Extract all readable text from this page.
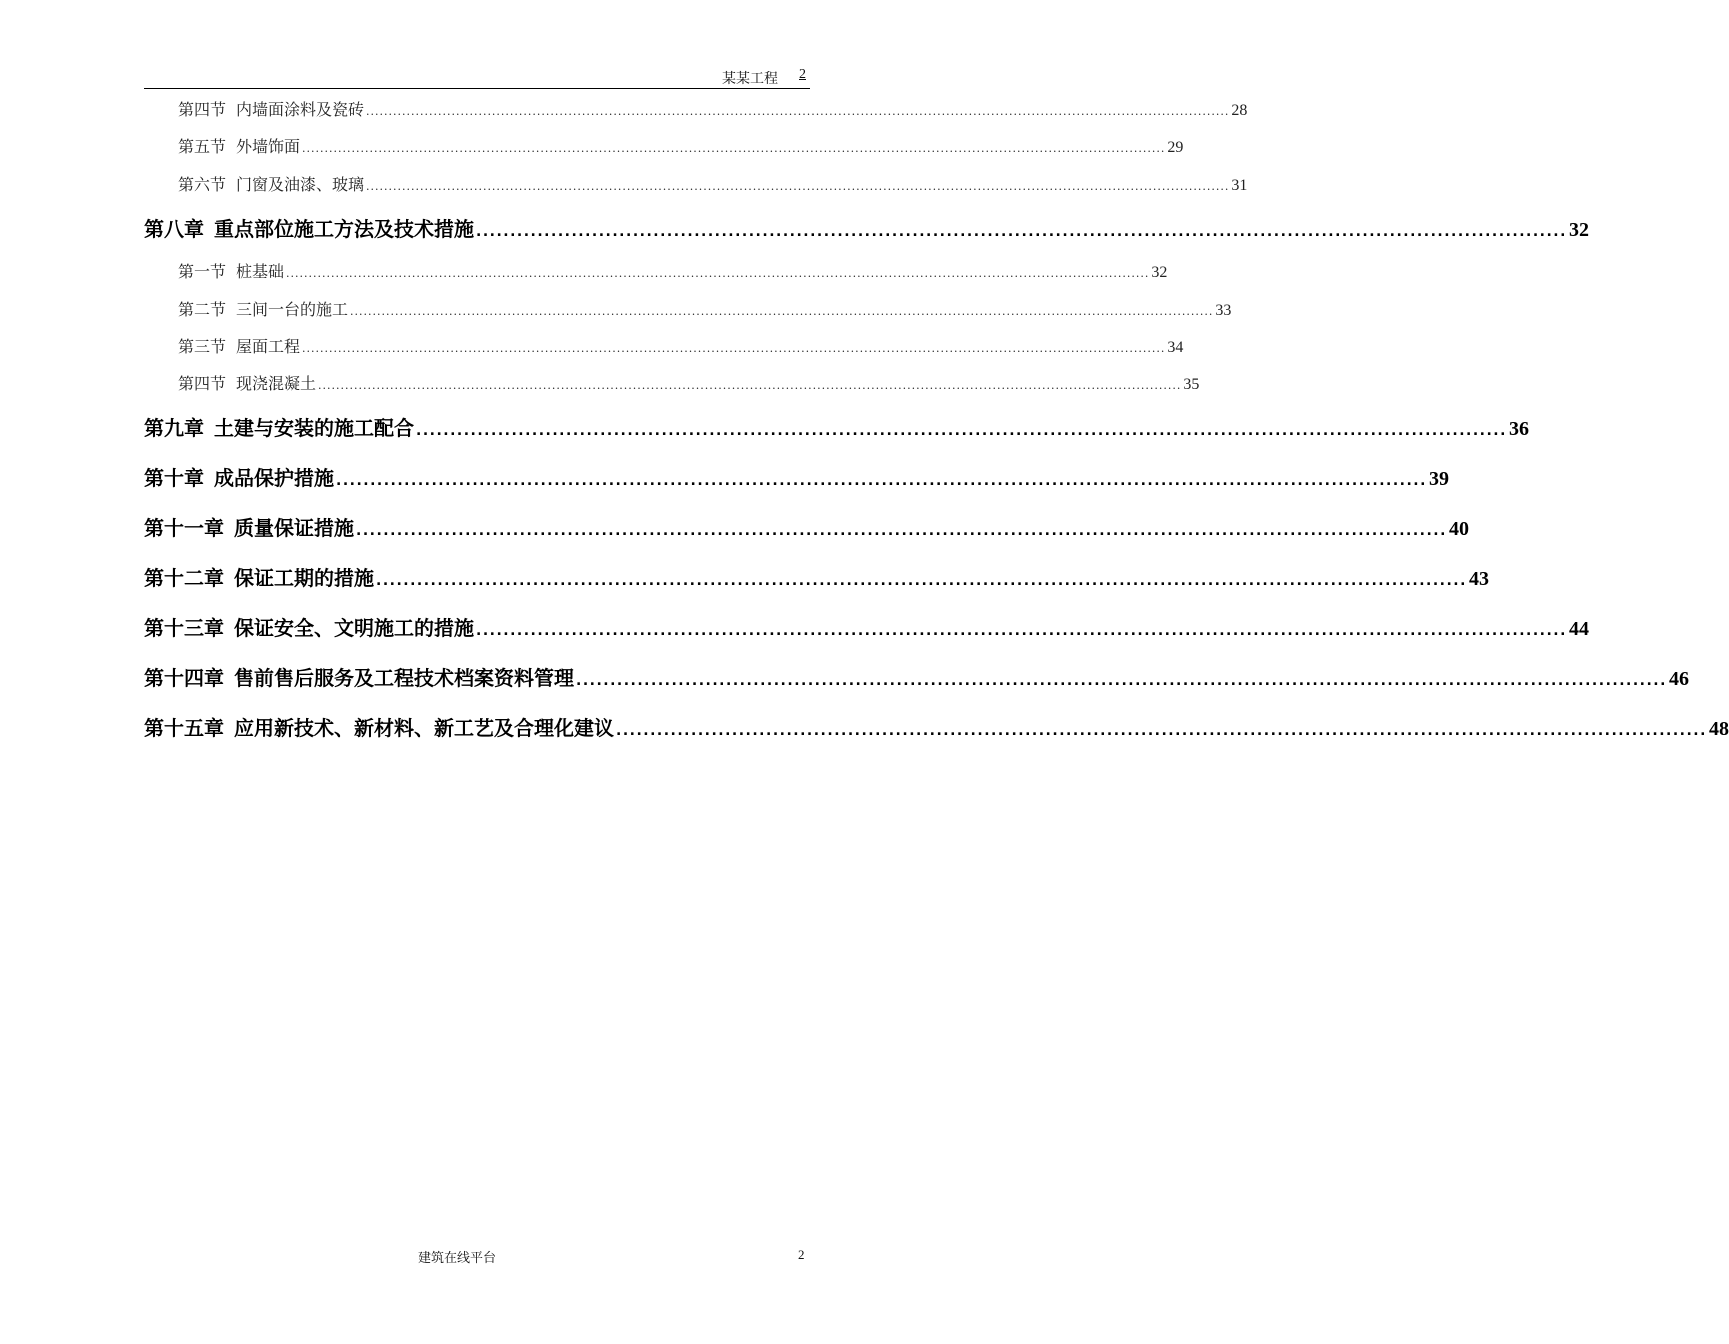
某某工程 2
第四节 内墙面涂料及瓷砖 ................................................................................................................................................................................................ 28
第五节 外墙饰面 ................................................................................................................................................................................................ 29
第六节 门窗及油漆、玻璃 ................................................................................................................................................................................................ 31
第八章 重点部位施工方法及技术措施 ................................................................................................................................................................ 32
第一节 桩基础 ................................................................................................................................................................................................ 32
第二节 三间一台的施工 ................................................................................................................................................................................................ 33
第三节 屋面工程 ................................................................................................................................................................................................ 34
第四节 现浇混凝土 ................................................................................................................................................................................................ 35
第九章 土建与安装的施工配合 ................................................................................................................................................................ 36
第十章 成品保护措施 ................................................................................................................................................................ 39
第十一章 质量保证措施 ................................................................................................................................................................ 40
第十二章 保证工期的措施 ................................................................................................................................................................ 43
第十三章 保证安全、文明施工的措施 ................................................................................................................................................................ 44
第十四章 售前售后服务及工程技术档案资料管理 ................................................................................................................................................................ 46
第十五章 应用新技术、新材料、新工艺及合理化建议 ................................................................................................................................................................ 48
建筑在线平台	2
